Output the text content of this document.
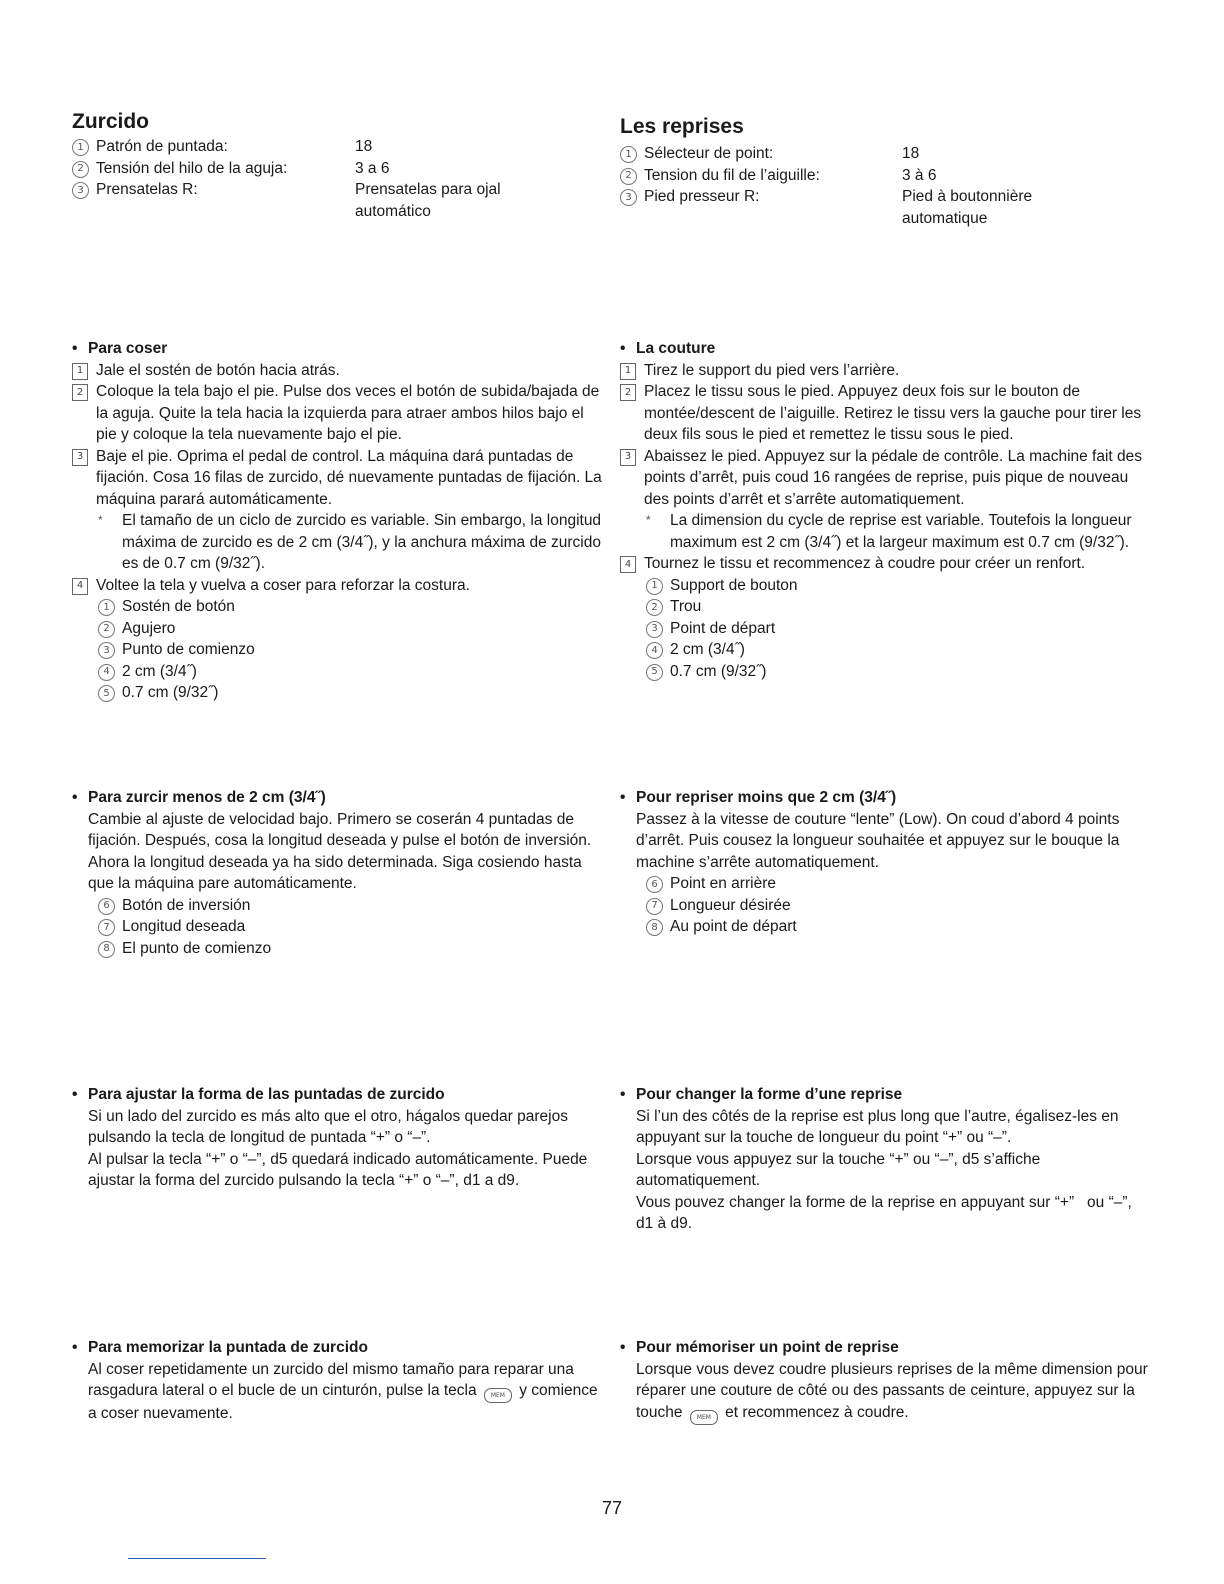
Zurcido
1 Patrón de puntada:	18
2 Tensión del hilo de la aguja:	3 a 6
3 Prensatelas R:	Prensatelas para ojal
automático
• Para coser
1 Jale el sostén de botón hacia atrás.
2 Coloque la tela bajo el pie. Pulse dos veces el botón de subida/bajada de la aguja. Quite la tela hacia la izquierda para atraer ambos hilos bajo el pie y coloque la tela nuevamente bajo el pie.
3 Baje el pie. Oprima el pedal de control. La máquina dará puntadas de fijación. Cosa 16 filas de zurcido, dé nuevamente puntadas de fijación. La máquina parará automáticamente.
*	El tamaño de un ciclo de zurcido es variable. Sin embargo, la longitud máxima de zurcido es de 2 cm (3/4˝), y la anchura máxima de zurcido es de 0.7 cm (9/32˝).
4 Voltee la tela y vuelva a coser para reforzar la costura.
1 Sostén de botón
2 Agujero
3 Punto de comienzo
4 2 cm (3/4˝)
5 0.7 cm (9/32˝)
• Para zurcir menos de 2 cm (3/4˝)
Cambie al ajuste de velocidad bajo. Primero se coserán 4 puntadas de fijación. Después, cosa la longitud deseada y pulse el botón de inversión. Ahora la longitud deseada ya ha sido determinada. Siga cosiendo hasta que la máquina pare automáticamente.
6 Botón de inversión
7 Longitud deseada
8 El punto de comienzo
• Para ajustar la forma de las puntadas de zurcido
Si un lado del zurcido es más alto que el otro, hágalos quedar parejos pulsando la tecla de longitud de puntada “+” o “–”.
Al pulsar la tecla “+” o “–”, d5 quedará indicado automáticamente. Puede ajustar la forma del zurcido pulsando la tecla “+” o “–”, d1 a d9.
• Para memorizar la puntada de zurcido
Al coser repetidamente un zurcido del mismo tamaño para reparar una rasgadura lateral o el bucle de un cinturón, pulse la tecla MEM y comience a coser nuevamente.
Les reprises
1 Sélecteur de point:	18
2 Tension du fil de l’aiguille:	3 à 6
3 Pied presseur R:	Pied à boutonnière
automatique
• La couture
1 Tirez le support du pied vers l’arrière.
2 Placez le tissu sous le pied. Appuyez deux fois sur le bouton de montée/descent de l’aiguille. Retirez le tissu vers la gauche pour tirer les deux fils sous le pied et remettez le tissu sous le pied.
3 Abaissez le pied. Appuyez sur la pédale de contrôle. La machine fait des points d’arrêt, puis coud 16 rangées de reprise, puis pique de nouveau des points d’arrêt et s’arrête automatiquement.
*	La dimension du cycle de reprise est variable. Toutefois la longueur maximum est 2 cm (3/4˝) et la largeur maximum est 0.7 cm (9/32˝).
4 Tournez le tissu et recommencez à coudre pour créer un renfort.
1 Support de bouton
2 Trou
3 Point de départ
4 2 cm (3/4˝)
5 0.7 cm (9/32˝)
• Pour repriser moins que 2 cm (3/4˝)
Passez à la vitesse de couture “lente” (Low). On coud d’abord 4 points d’arrêt. Puis cousez la longueur souhaitée et appuyez sur le bouque la machine s’arrête automatiquement.
6 Point en arrière
7 Longueur désirée
8 Au point de départ
• Pour changer la forme d’une reprise
Si l’un des côtés de la reprise est plus long que l’autre, égalisez-les en appuyant sur la touche de longueur du point “+” ou “–”.
Lorsque vous appuyez sur la touche “+” ou “–”, d5 s’affiche automatiquement.
Vous pouvez changer la forme de la reprise en appuyant sur “+”   ou “–”, d1 à d9.
• Pour mémoriser un point de reprise
Lorsque vous devez coudre plusieurs reprises de la même dimension pour réparer une couture de côté ou des passants de ceinture, appuyez sur la touche MEM et recommencez à coudre.
77
